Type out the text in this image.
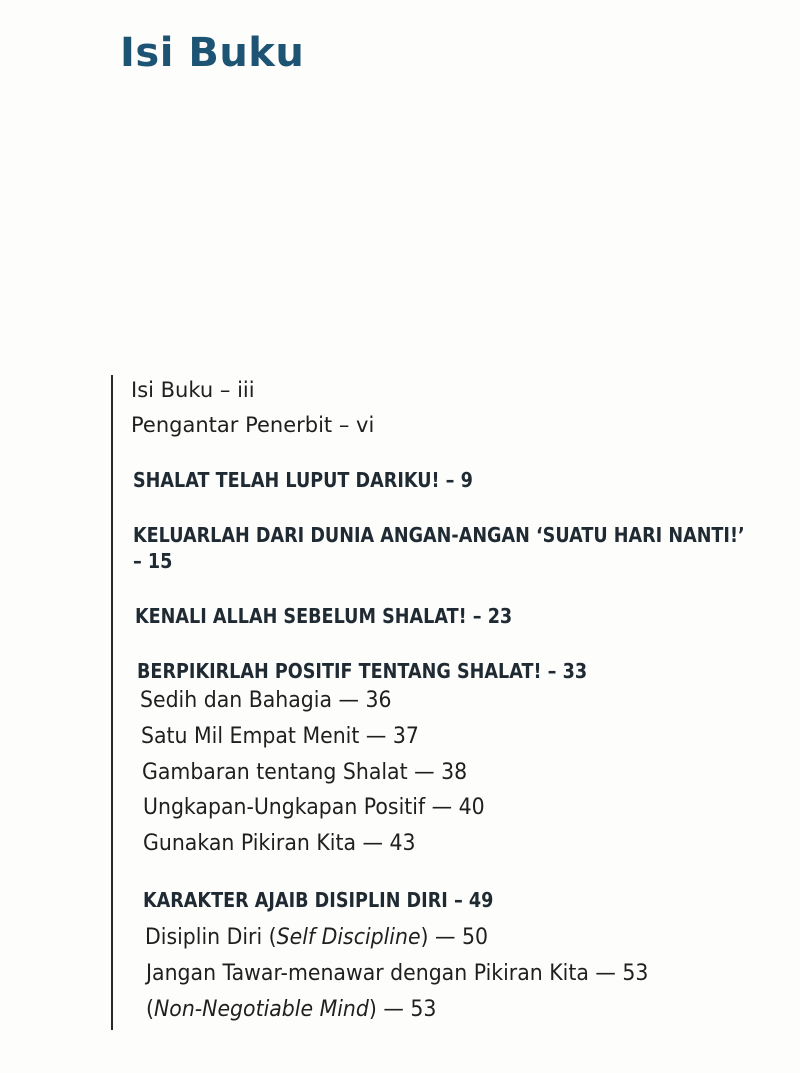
Isi Buku

Isi Buku – iii

Pengantar Penerbit – vi

SHALAT TELAH LUPUT DARIKU! – 9

KELUARLAH DARI DUNIA ANGAN-ANGAN ‘SUATU HARI NANTI!’

– 15

KENALI ALLAH SEBELUM SHALAT! – 23

BERPIKIRLAH POSITIF TENTANG SHALAT! – 33

Sedih dan Bahagia — 36

Satu Mil Empat Menit — 37

Gambaran tentang Shalat — 38

Ungkapan-Ungkapan Positif — 40

Gunakan Pikiran Kita — 43

KARAKTER AJAIB DISIPLIN DIRI – 49

Disiplin Diri (Self Discipline) — 50

Jangan Tawar-menawar dengan Pikiran Kita — 53

(Non-Negotiable Mind) — 53
